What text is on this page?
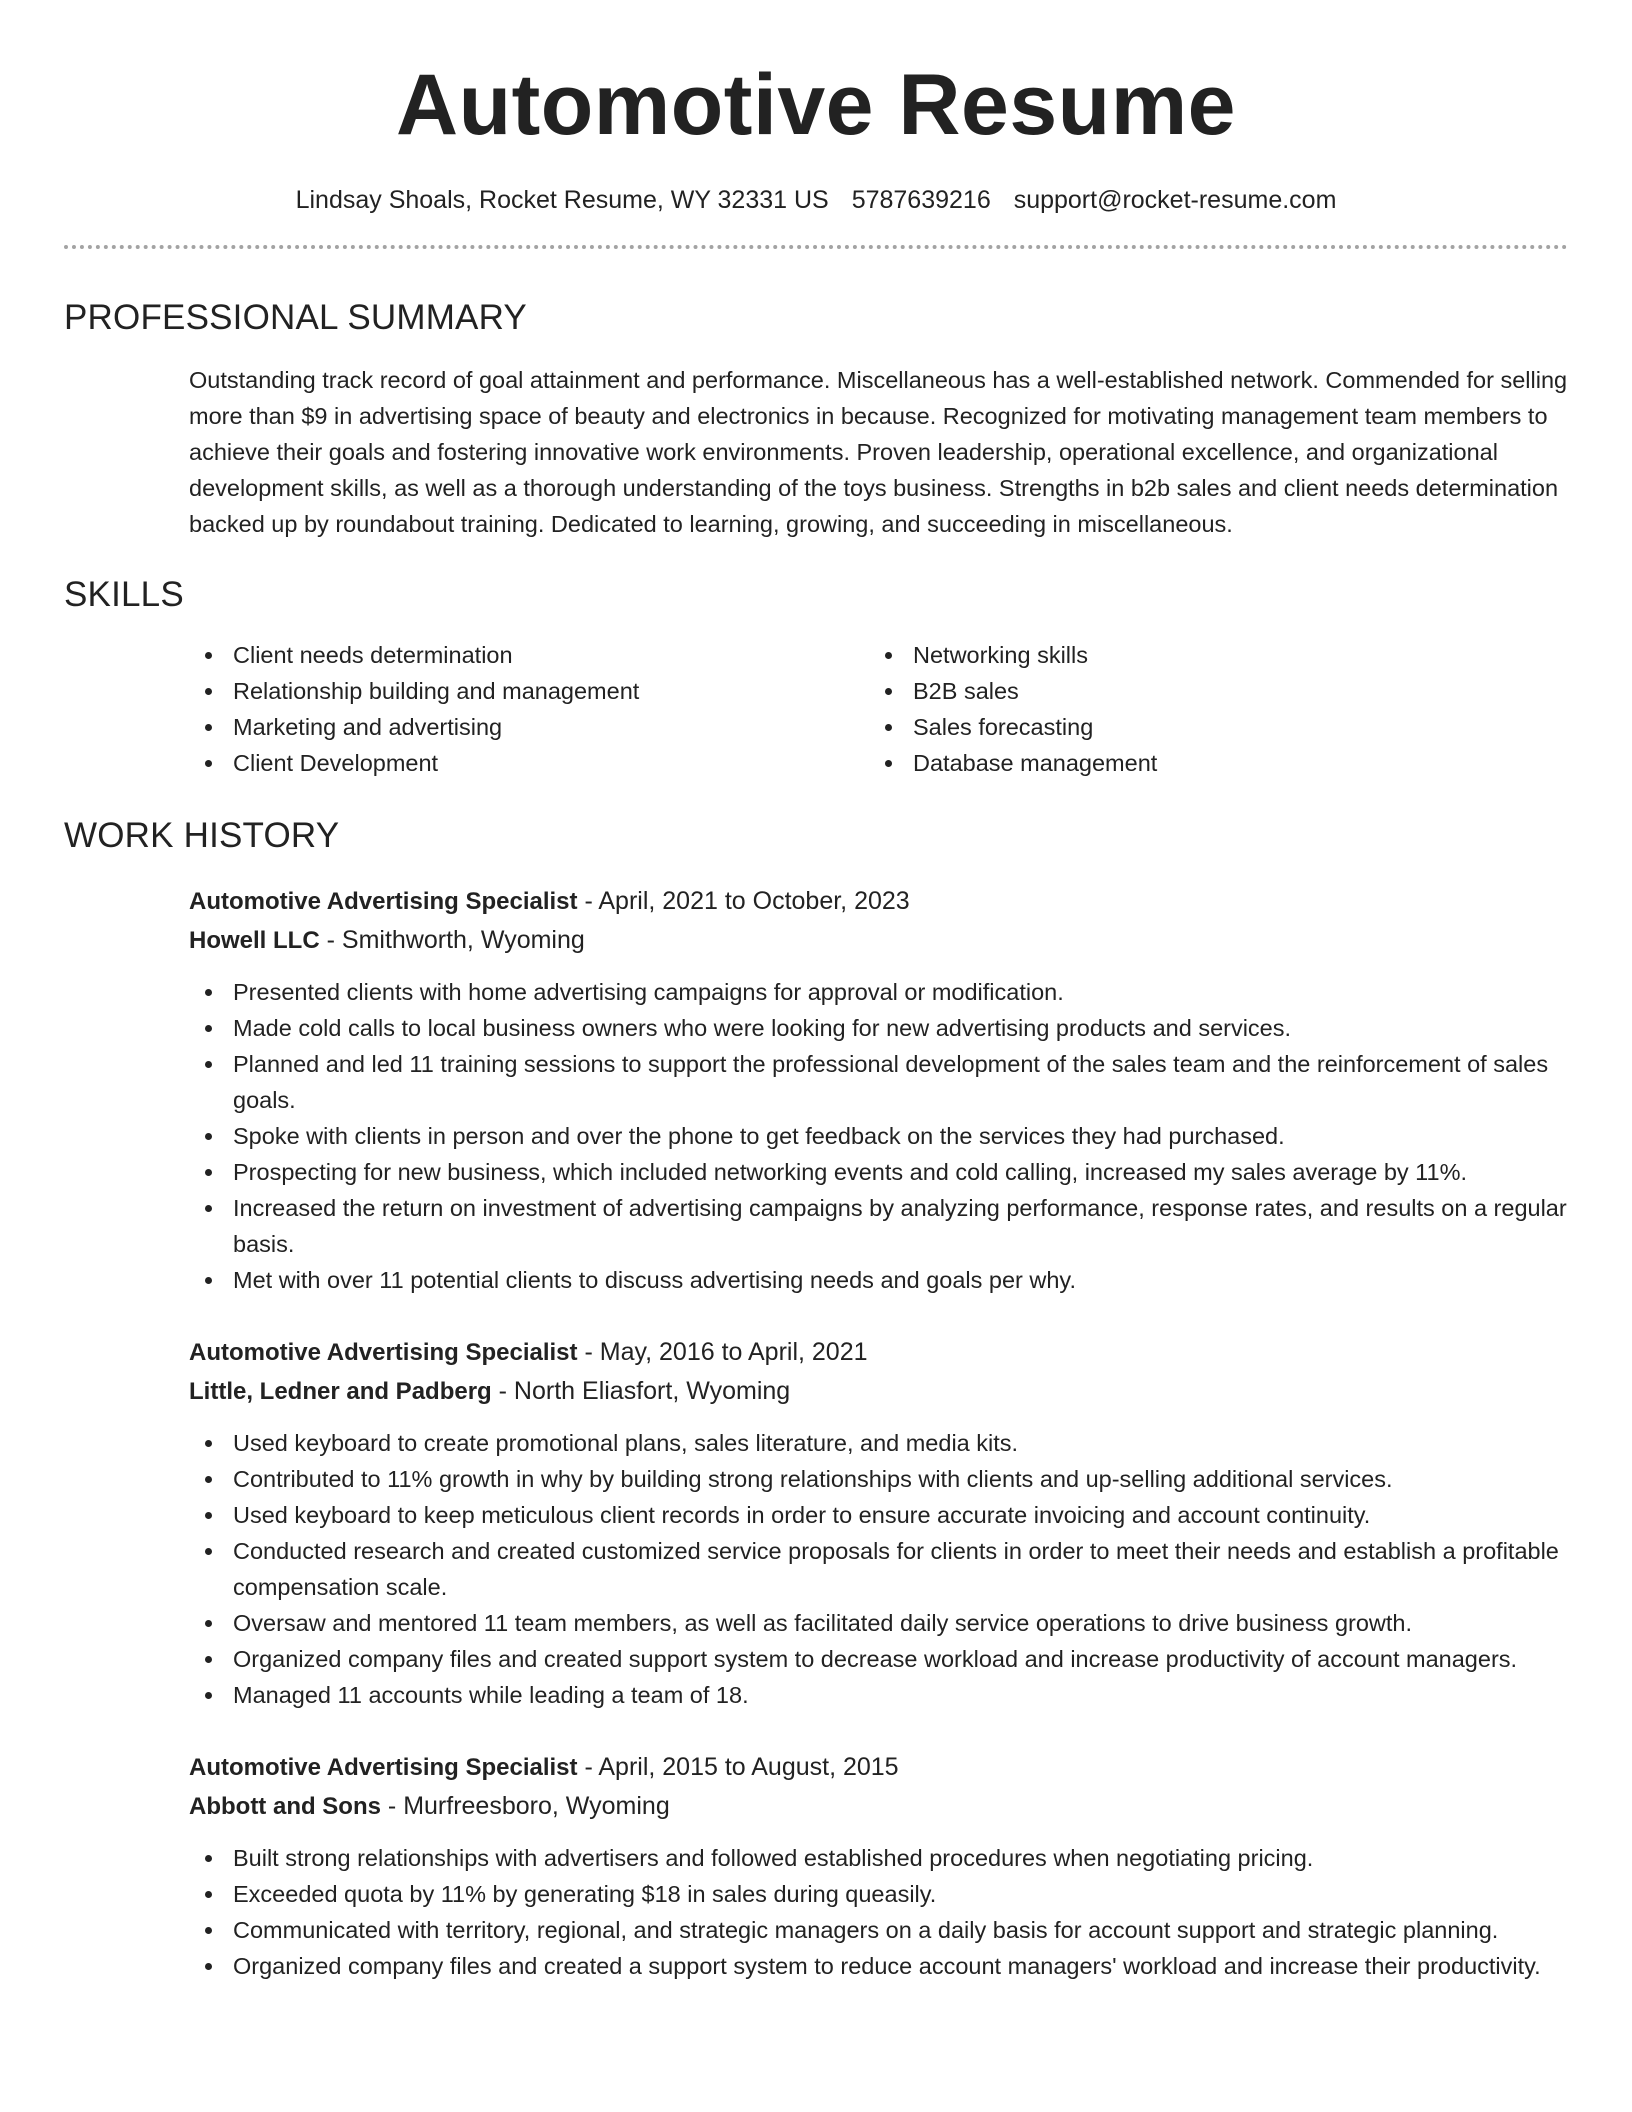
Automotive Resume
Lindsay Shoals, Rocket Resume, WY 32331 US 5787639216 support@rocket-resume.com
PROFESSIONAL SUMMARY
Outstanding track record of goal attainment and performance. Miscellaneous has a well-established network. Commended for selling more than $9 in advertising space of beauty and electronics in because. Recognized for motivating management team members to achieve their goals and fostering innovative work environments. Proven leadership, operational excellence, and organizational development skills, as well as a thorough understanding of the toys business. Strengths in b2b sales and client needs determination backed up by roundabout training. Dedicated to learning, growing, and succeeding in miscellaneous.
SKILLS
Client needs determination
Relationship building and management
Marketing and advertising
Client Development
Networking skills
B2B sales
Sales forecasting
Database management
WORK HISTORY
Automotive Advertising Specialist - April, 2021 to October, 2023
Howell LLC - Smithworth, Wyoming
Presented clients with home advertising campaigns for approval or modification.
Made cold calls to local business owners who were looking for new advertising products and services.
Planned and led 11 training sessions to support the professional development of the sales team and the reinforcement of sales goals.
Spoke with clients in person and over the phone to get feedback on the services they had purchased.
Prospecting for new business, which included networking events and cold calling, increased my sales average by 11%.
Increased the return on investment of advertising campaigns by analyzing performance, response rates, and results on a regular basis.
Met with over 11 potential clients to discuss advertising needs and goals per why.
Automotive Advertising Specialist - May, 2016 to April, 2021
Little, Ledner and Padberg - North Eliasfort, Wyoming
Used keyboard to create promotional plans, sales literature, and media kits.
Contributed to 11% growth in why by building strong relationships with clients and up-selling additional services.
Used keyboard to keep meticulous client records in order to ensure accurate invoicing and account continuity.
Conducted research and created customized service proposals for clients in order to meet their needs and establish a profitable compensation scale.
Oversaw and mentored 11 team members, as well as facilitated daily service operations to drive business growth.
Organized company files and created support system to decrease workload and increase productivity of account managers.
Managed 11 accounts while leading a team of 18.
Automotive Advertising Specialist - April, 2015 to August, 2015
Abbott and Sons - Murfreesboro, Wyoming
Built strong relationships with advertisers and followed established procedures when negotiating pricing.
Exceeded quota by 11% by generating $18 in sales during queasily.
Communicated with territory, regional, and strategic managers on a daily basis for account support and strategic planning.
Organized company files and created a support system to reduce account managers' workload and increase their productivity.
